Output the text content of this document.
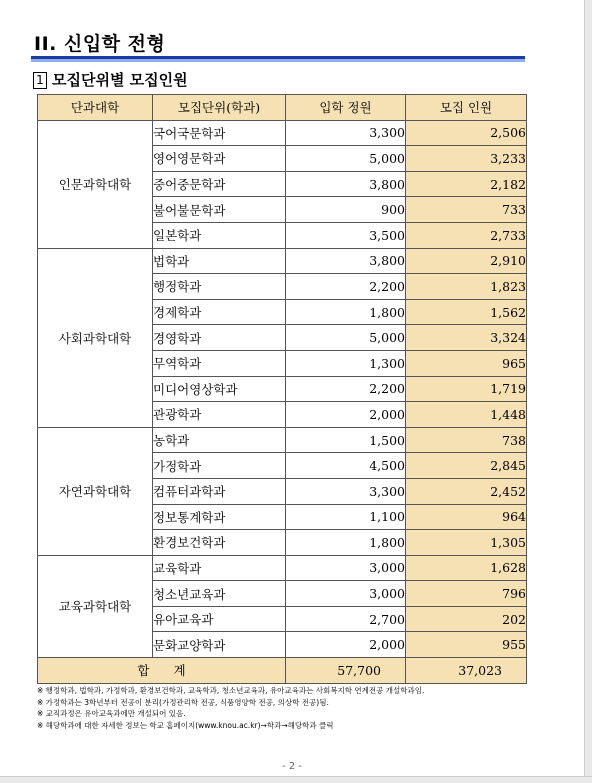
II. 신입학 전형
1 모집단위별 모집인원
단과대학	모집단위(학과)	입학 정원	모집 인원
인문과학대학	국어국문학과	3,300	2,506
	영어영문학과	5,000	3,233
	중어중문학과	3,800	2,182
	불어불문학과	900	733
	일본학과	3,500	2,733
사회과학대학	법학과	3,800	2,910
	행정학과	2,200	1,823
	경제학과	1,800	1,562
	경영학과	5,000	3,324
	무역학과	1,300	965
	미디어영상학과	2,200	1,719
	관광학과	2,000	1,448
자연과학대학	농학과	1,500	738
	가정학과	4,500	2,845
	컴퓨터과학과	3,300	2,452
	정보통계학과	1,100	964
	환경보건학과	1,800	1,305
교육과학대학	교육학과	3,000	1,628
	청소년교육과	3,000	796
	유아교육과	2,700	202
	문화교양학과	2,000	955
합계		57,700	37,023
※ 행정학과, 법학과, 가정학과, 환경보건학과, 교육학과, 청소년교육과, 유아교육과는 사회복지학 연계전공 개설학과임.
※ 가정학과는 3학년부터 전공이 분리(가정관리학 전공, 식품영양학 전공, 의상학 전공)됨.
※ 교직과정은 유아교육과에만 개설되어 있음.
※ 해당학과에 대한 자세한 정보는 학교 홈페이지(www.knou.ac.kr)→학과→해당학과 클릭
- 2 -
